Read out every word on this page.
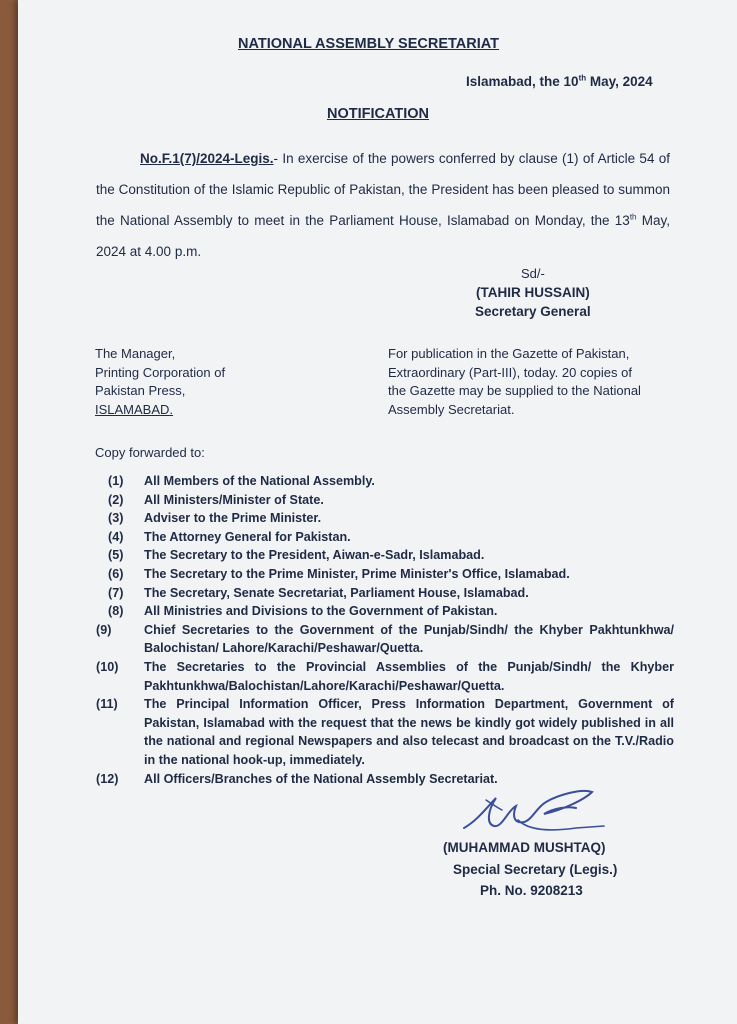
NATIONAL ASSEMBLY SECRETARIAT
Islamabad, the 10th May, 2024
NOTIFICATION
No.F.1(7)/2024-Legis.- In exercise of the powers conferred by clause (1) of Article 54 of the Constitution of the Islamic Republic of Pakistan, the President has been pleased to summon the National Assembly to meet in the Parliament House, Islamabad on Monday, the 13th May, 2024 at 4.00 p.m.
Sd/-
(TAHIR HUSSAIN)
Secretary General
The Manager,
Printing Corporation of
Pakistan Press,
ISLAMABAD.
For publication in the Gazette of Pakistan,
Extraordinary (Part-III), today. 20 copies of
the Gazette may be supplied to the National
Assembly Secretariat.
Copy forwarded to:
(1)	All Members of the National Assembly.
(2)	All Ministers/Minister of State.
(3)	Adviser to the Prime Minister.
(4)	The Attorney General for Pakistan.
(5)	The Secretary to the President, Aiwan-e-Sadr, Islamabad.
(6)	The Secretary to the Prime Minister, Prime Minister's Office, Islamabad.
(7)	The Secretary, Senate Secretariat, Parliament House, Islamabad.
(8)	All Ministries and Divisions to the Government of Pakistan.
(9)	Chief Secretaries to the Government of the Punjab/Sindh/ the Khyber Pakhtunkhwa/ Balochistan/ Lahore/Karachi/Peshawar/Quetta.
(10)	The Secretaries to the Provincial Assemblies of the Punjab/Sindh/ the Khyber Pakhtunkhwa/Balochistan/Lahore/Karachi/Peshawar/Quetta.
(11)	The Principal Information Officer, Press Information Department, Government of Pakistan, Islamabad with the request that the news be kindly got widely published in all the national and regional Newspapers and also telecast and broadcast on the T.V./Radio in the national hook-up, immediately.
(12)	All Officers/Branches of the National Assembly Secretariat.
(MUHAMMAD MUSHTAQ)
Special Secretary (Legis.)
Ph. No. 9208213
